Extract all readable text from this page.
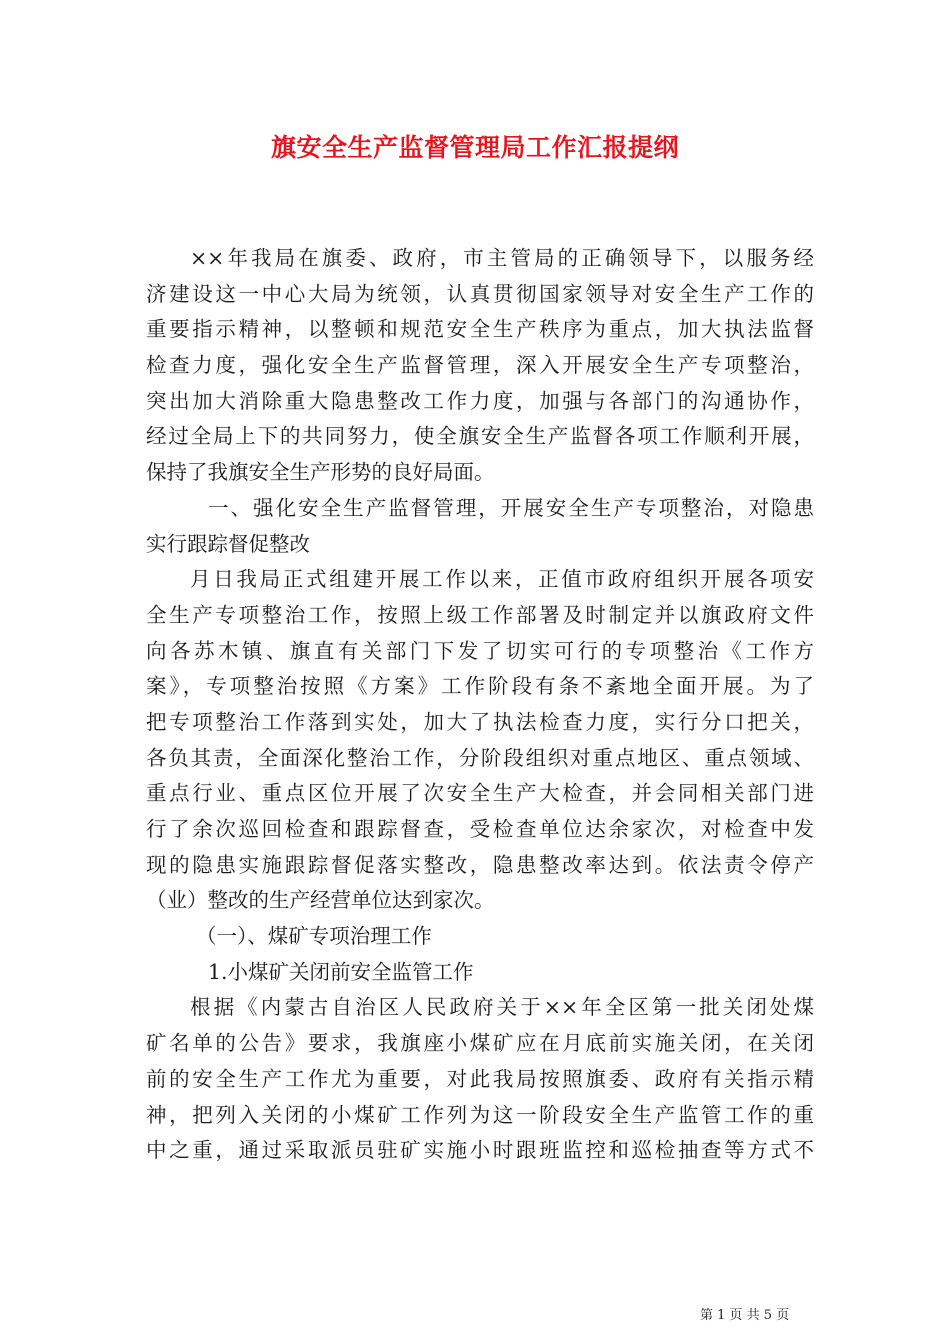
旗安全生产监督管理局工作汇报提纲
××年我局在旗委、政府，市主管局的正确领导下，以服务经
济建设这一中心大局为统领，认真贯彻国家领导对安全生产工作的
重要指示精神，以整顿和规范安全生产秩序为重点，加大执法监督
检查力度，强化安全生产监督管理，深入开展安全生产专项整治，
突出加大消除重大隐患整改工作力度，加强与各部门的沟通协作，
经过全局上下的共同努力，使全旗安全生产监督各项工作顺利开展，
保持了我旗安全生产形势的良好局面。
一、强化安全生产监督管理，开展安全生产专项整治，对隐患
实行跟踪督促整改
月日我局正式组建开展工作以来，正值市政府组织开展各项安
全生产专项整治工作，按照上级工作部署及时制定并以旗政府文件
向各苏木镇、旗直有关部门下发了切实可行的专项整治《工作方
案》，专项整治按照《方案》工作阶段有条不紊地全面开展。为了
把专项整治工作落到实处，加大了执法检查力度，实行分口把关，
各负其责，全面深化整治工作，分阶段组织对重点地区、重点领域、
重点行业、重点区位开展了次安全生产大检查，并会同相关部门进
行了余次巡回检查和跟踪督查，受检查单位达余家次，对检查中发
现的隐患实施跟踪督促落实整改，隐患整改率达到。依法责令停产
（业）整改的生产经营单位达到家次。
（一）、煤矿专项治理工作
1.小煤矿关闭前安全监管工作
根据《内蒙古自治区人民政府关于××年全区第一批关闭处煤
矿名单的公告》要求，我旗座小煤矿应在月底前实施关闭，在关闭
前的安全生产工作尤为重要，对此我局按照旗委、政府有关指示精
神，把列入关闭的小煤矿工作列为这一阶段安全生产监管工作的重
中之重，通过采取派员驻矿实施小时跟班监控和巡检抽查等方式不
第 1 页 共 5 页
